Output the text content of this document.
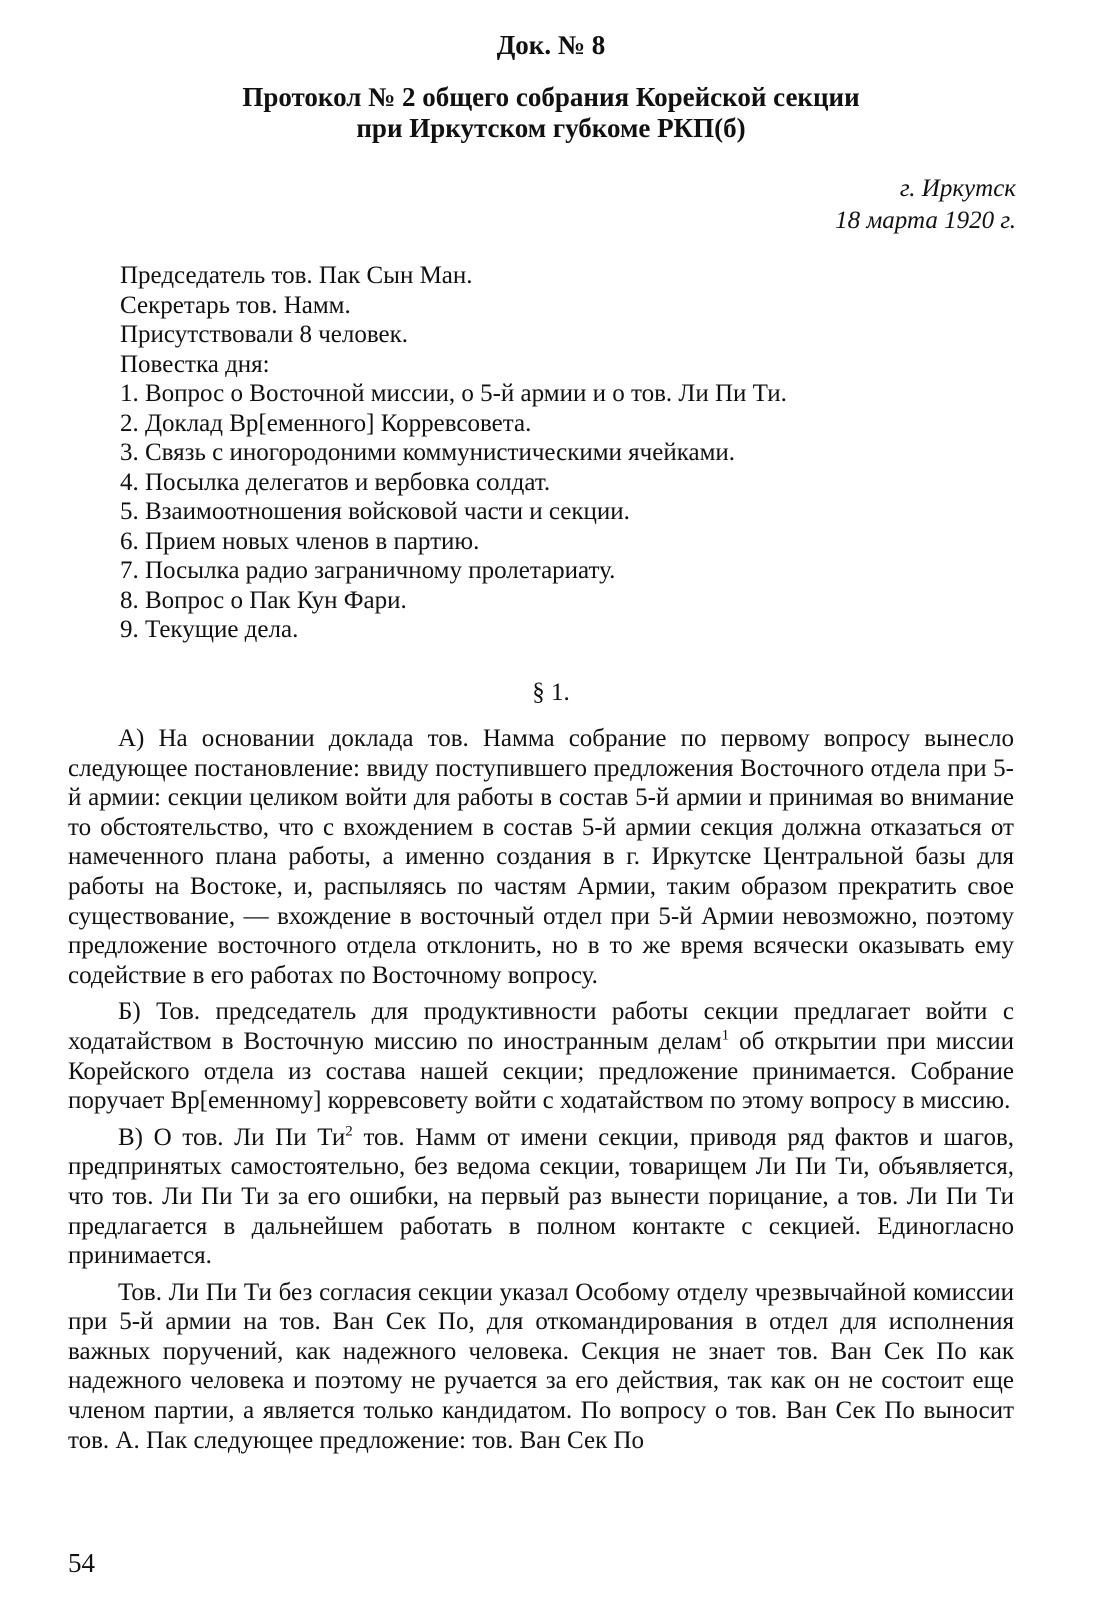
Док. № 8
Протокол № 2 общего собрания Корейской секции
при Иркутском губкоме РКП(б)
г. Иркутск
18 марта 1920 г.
Председатель тов. Пак Сын Ман.
Секретарь тов. Намм.
Присутствовали 8 человек.
Повестка дня:
1. Вопрос о Восточной миссии, о 5-й армии и о тов. Ли Пи Ти.
2. Доклад Вр[еменного] Корревсовета.
3. Связь с иногородоними коммунистическими ячейками.
4. Посылка делегатов и вербовка солдат.
5. Взаимоотношения войсковой части и секции.
6. Прием новых членов в партию.
7. Посылка радио заграничному пролетариату.
8. Вопрос о Пак Кун Фари.
9. Текущие дела.
§ 1.

А) На основании доклада тов. Намма собрание по первому вопросу вынесло следующее постановление: ввиду поступившего предложения Восточного отдела при 5-й армии: секции целиком войти для работы в состав 5-й армии и принимая во внимание то обстоятельство, что с вхождением в состав 5-й армии секция должна отказаться от намеченного плана работы, а именно создания в г. Иркутске Центральной базы для работы на Востоке, и, распыляясь по частям Армии, таким образом прекратить свое существование, — вхождение в восточный отдел при 5-й Армии невозможно, поэтому предложение восточного отдела отклонить, но в то же время всячески оказывать ему содействие в его работах по Восточному вопросу.

Б) Тов. председатель для продуктивности работы секции предлагает войти с ходатайством в Восточную миссию по иностранным делам$^1$ об открытии при миссии Корейского отдела из состава нашей секции; предложение принимается. Собрание поручает Вр[еменному] корревсовету войти с ходатайством по этому вопросу в миссию.

В) О тов. Ли Пи $Ти^2$ тов. Намм от имени секции, приводя ряд фактов и шагов, предпринятых самостоятельно, без ведома секции, товарищем Ли Пи Ти, объявляется, что тов. Ли Пи Ти за его ошибки, на первый раз вынести порицание, а тов. Ли Пи Ти предлагается в дальнейшем работать в полном контакте с секцией. Единогласно принимается.

Тов. Ли Пи Ти без согласия секции указал Особому отделу чрезвычайной комиссии при 5-й армии на тов. Ван Сек По, для откомандирования в отдел для исполнения важных поручений, как надежного человека. Секция не знает тов. Ван Сек По как надежного человека и поэтому не ручается за его действия, так как он не состоит еще членом партии, а является только кандидатом. По вопросу о тов. Ван Сек По выносит тов. А. Пак следующее предложение: тов. Ван Сек По

54
